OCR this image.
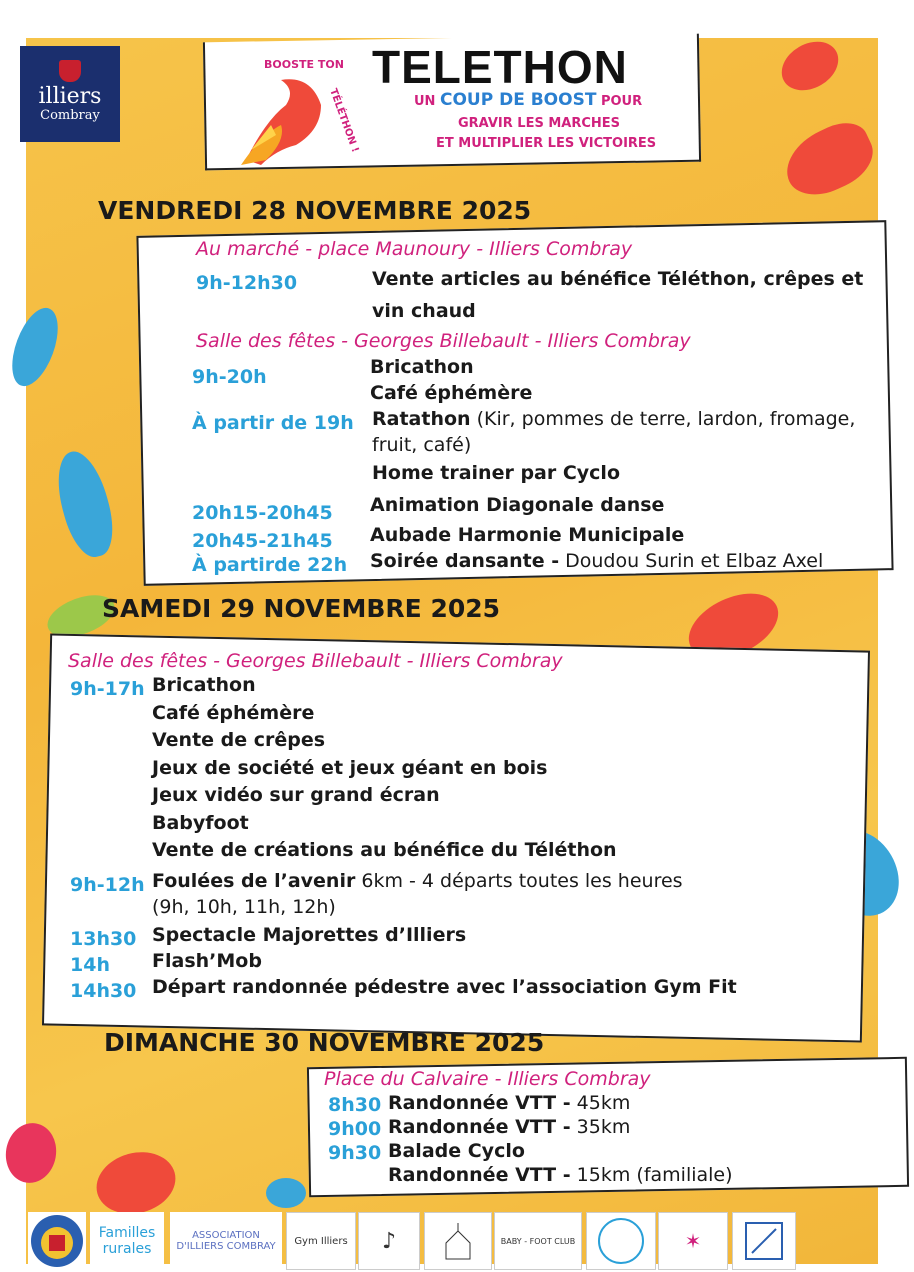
illiers
Combray
BOOSTE TON
TÉLÉTHON !
TELETHON
UN COUP DE BOOST POUR
GRAVIR LES MARCHES
ET MULTIPLIER LES VICTOIRES
VENDREDI 28 NOVEMBRE 2025
Au marché - place Maunoury - Illiers Combray
9h-12h30	Vente articles au bénéfice Téléthon, crêpes et
vin chaud
Salle des fêtes - Georges Billebault - Illiers Combray
9h-20h	Bricathon
Café éphémère
À partir de 19h Ratathon (Kir, pommes de terre, lardon, fromage,
fruit, café)
Home trainer par Cyclo
20h15-20h45 Animation Diagonale danse
20h45-21h45 Aubade Harmonie Municipale
À partirde 22h Soirée dansante - Doudou Surin et Elbaz Axel
SAMEDI 29 NOVEMBRE 2025
Salle des fêtes - Georges Billebault - Illiers Combray
9h-17h Bricathon
Café éphémère
Vente de crêpes
Jeux de société et jeux géant en bois
Jeux vidéo sur grand écran
Babyfoot
Vente de créations au bénéfice du Téléthon
9h-12h Foulées de l’avenir 6km - 4 départs toutes les heures
(9h, 10h, 11h, 12h)
13h30 Spectacle Majorettes d’Illiers
14h Flash’Mob
14h30 Départ randonnée pédestre avec l’association Gym Fit
DIMANCHE 30 NOVEMBRE 2025
Place du Calvaire - Illiers Combray
8h30 Randonnée VTT - 45km
9h00 Randonnée VTT - 35km
9h30 Balade Cyclo
Randonnée VTT - 15km (familiale)
Familles rurales
ASSOCIATION D'ILLIERS COMBRAY	Gym Illiers	♪	BABY - FOOT CLUB	✶
